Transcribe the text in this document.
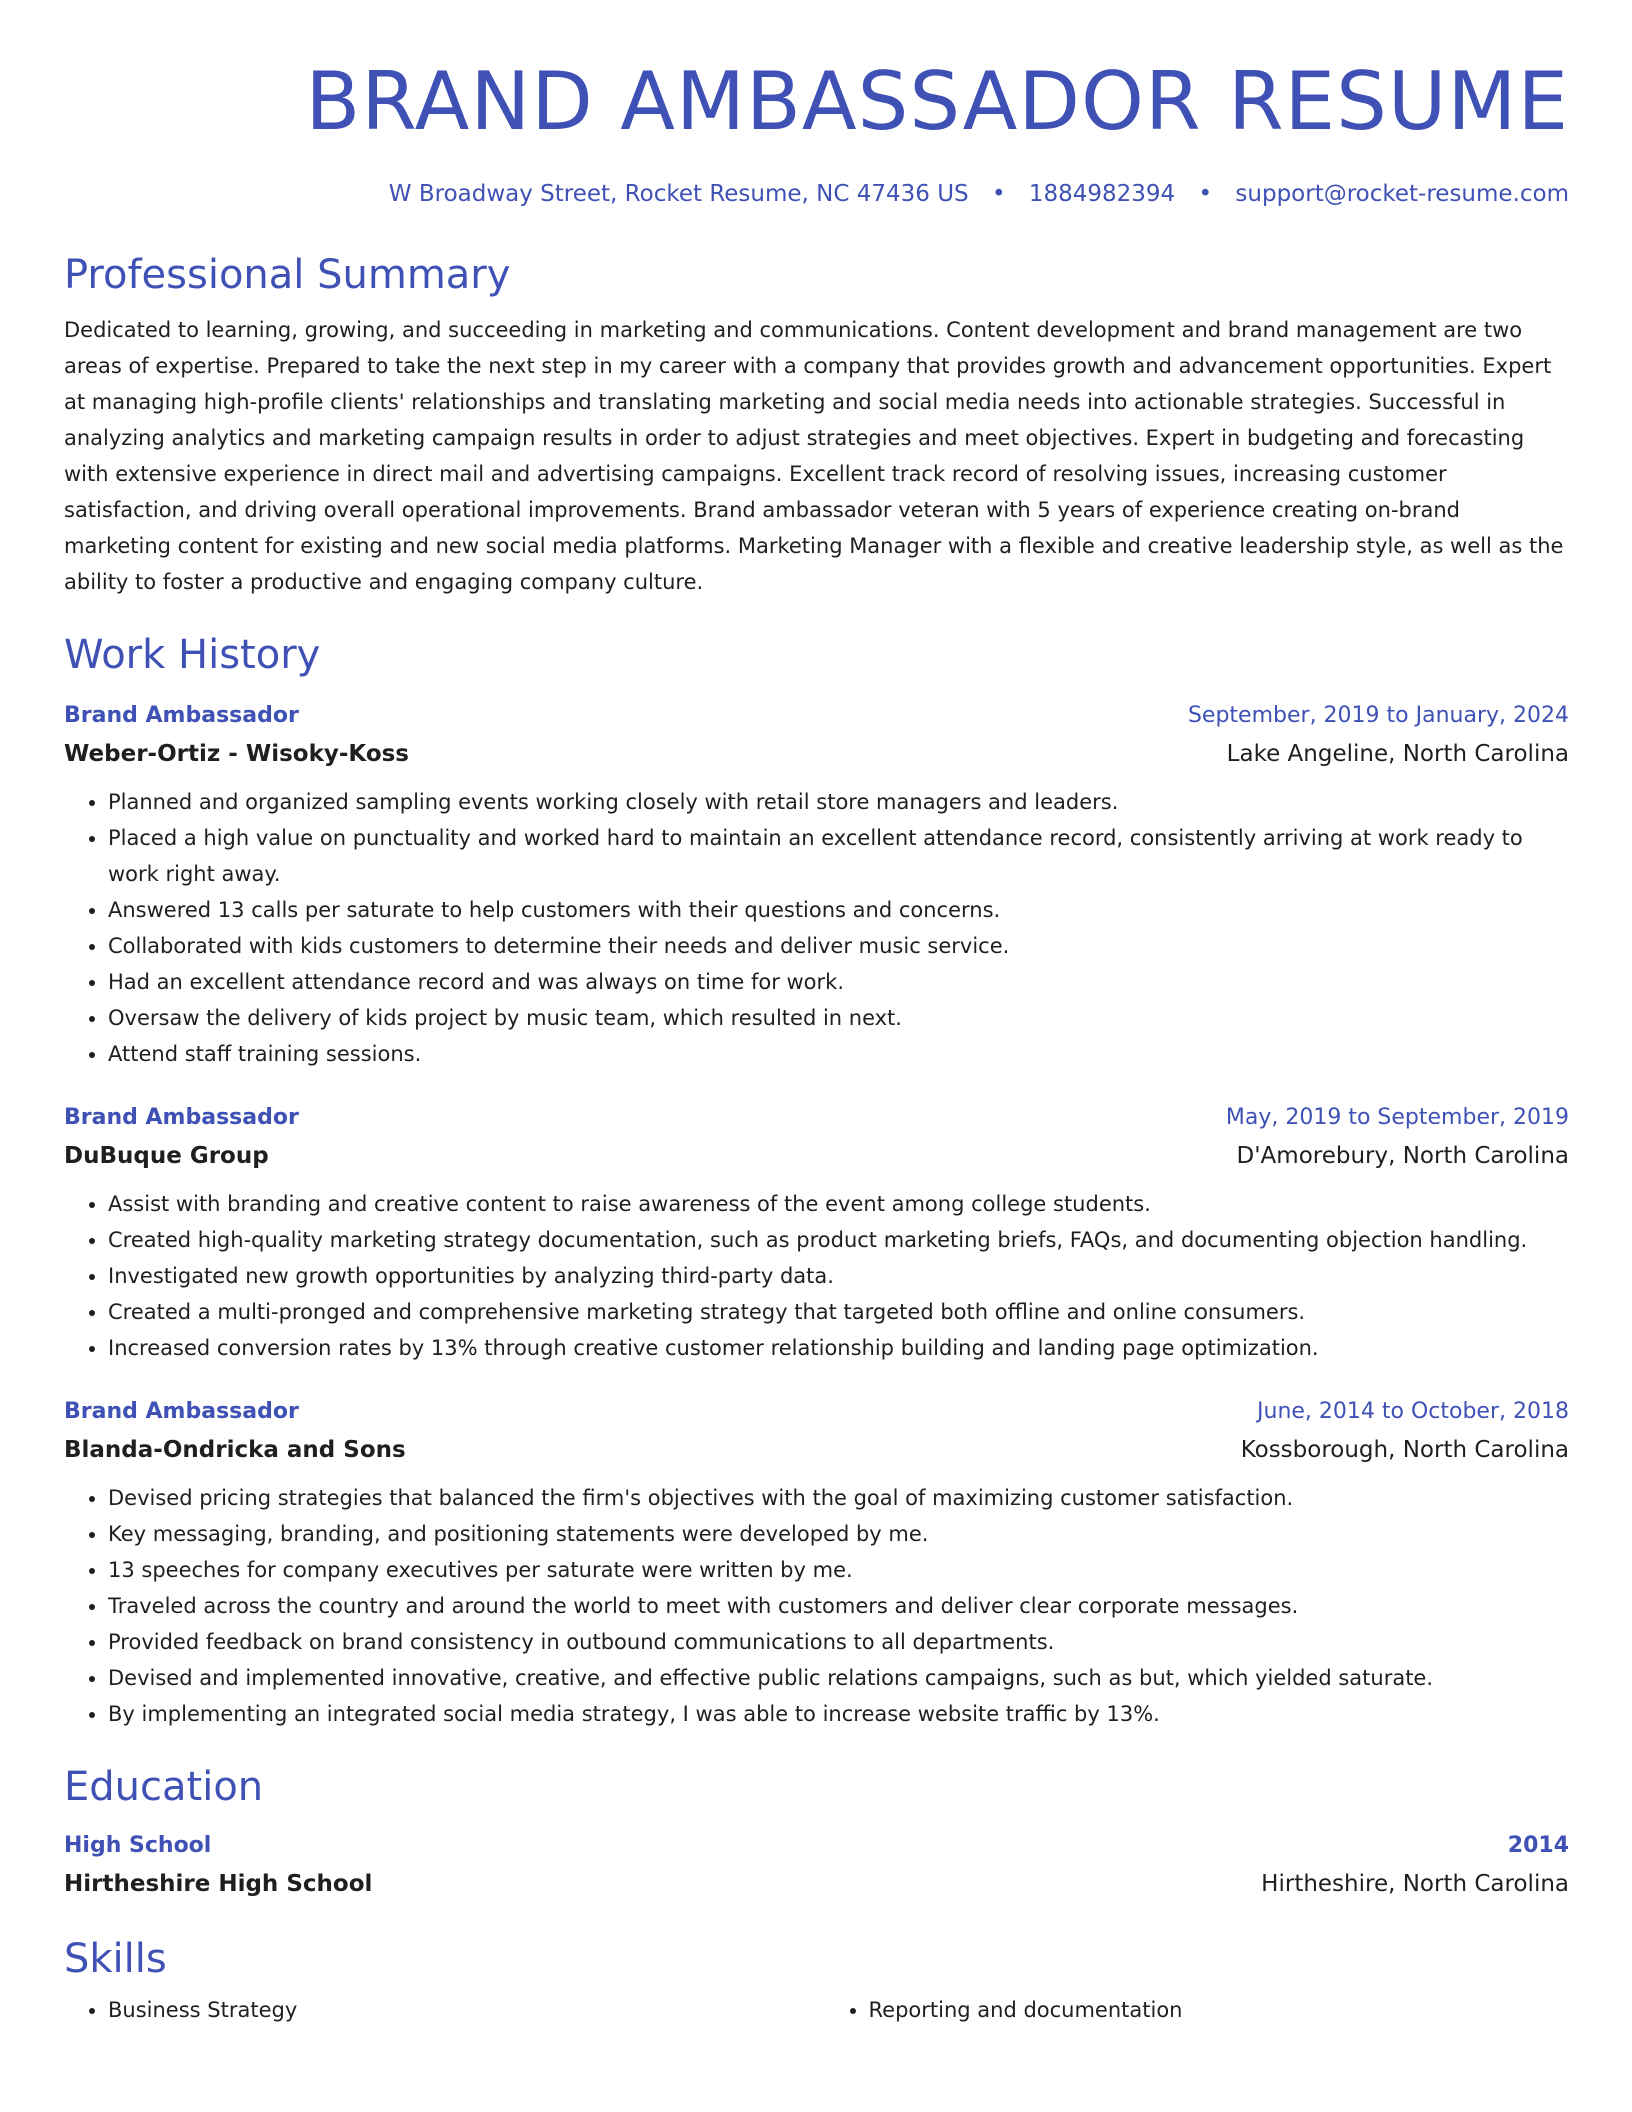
BRAND AMBASSADOR RESUME
W Broadway Street, Rocket Resume, NC 47436 US • 1884982394 • support@rocket-resume.com
Professional Summary

Dedicated to learning, growing, and succeeding in marketing and communications. Content development and brand management are two areas of expertise. Prepared to take the next step in my career with a company that provides growth and advancement opportunities. Expert at managing high-profile clients' relationships and translating marketing and social media needs into actionable strategies. Successful in analyzing analytics and marketing campaign results in order to adjust strategies and meet objectives. Expert in budgeting and forecasting with extensive experience in direct mail and advertising campaigns. Excellent track record of resolving issues, increasing customer satisfaction, and driving overall operational improvements. Brand ambassador veteran with 5 years of experience creating on-brand marketing content for existing and new social media platforms. Marketing Manager with a flexible and creative leadership style, as well as the ability to foster a productive and engaging company culture.

Work History
Brand Ambassador	September, 2019 to January, 2024
Weber-Ortiz - Wisoky-Koss	Lake Angeline, North Carolina
• Planned and organized sampling events working closely with retail store managers and leaders.
• Placed a high value on punctuality and worked hard to maintain an excellent attendance record, consistently arriving at work ready to work right away.
• Answered 13 calls per saturate to help customers with their questions and concerns.
• Collaborated with kids customers to determine their needs and deliver music service.
• Had an excellent attendance record and was always on time for work.
• Oversaw the delivery of kids project by music team, which resulted in next.
• Attend staff training sessions.
Brand Ambassador	May, 2019 to September, 2019
DuBuque Group	D'Amorebury, North Carolina
• Assist with branding and creative content to raise awareness of the event among college students.
• Created high-quality marketing strategy documentation, such as product marketing briefs, FAQs, and documenting objection handling.
• Investigated new growth opportunities by analyzing third-party data.
• Created a multi-pronged and comprehensive marketing strategy that targeted both offline and online consumers.
• Increased conversion rates by 13% through creative customer relationship building and landing page optimization.
Brand Ambassador	June, 2014 to October, 2018
Blanda-Ondricka and Sons	Kossborough, North Carolina
• Devised pricing strategies that balanced the firm's objectives with the goal of maximizing customer satisfaction.
• Key messaging, branding, and positioning statements were developed by me.
• 13 speeches for company executives per saturate were written by me.
• Traveled across the country and around the world to meet with customers and deliver clear corporate messages.
• Provided feedback on brand consistency in outbound communications to all departments.
• Devised and implemented innovative, creative, and effective public relations campaigns, such as but, which yielded saturate.
• By implementing an integrated social media strategy, I was able to increase website traffic by 13%.
Education
High School	2014
Hirtheshire High School	Hirtheshire, North Carolina
Skills
• Business Strategy
•	Reporting and documentation
